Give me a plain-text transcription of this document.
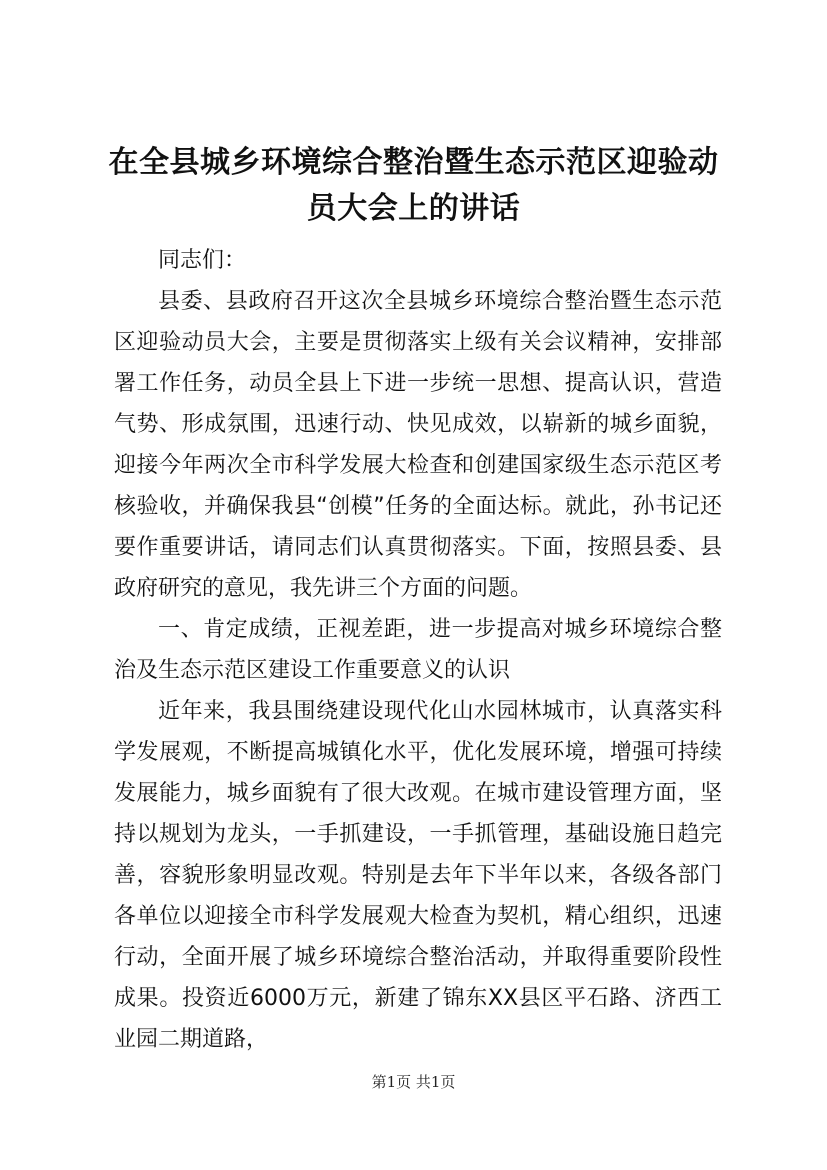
在全县城乡环境综合整治暨生态示范区迎验动员大会上的讲话

同志们：

县委、县政府召开这次全县城乡环境综合整治暨生态示范区迎验动员大会，主要是贯彻落实上级有关会议精神，安排部署工作任务，动员全县上下进一步统一思想、提高认识，营造气势、形成氛围，迅速行动、快见成效，以崭新的城乡面貌，迎接今年两次全市科学发展大检查和创建国家级生态示范区考核验收，并确保我县“创模”任务的全面达标。就此，孙书记还要作重要讲话，请同志们认真贯彻落实。下面，按照县委、县政府研究的意见，我先讲三个方面的问题。

一、肯定成绩，正视差距，进一步提高对城乡环境综合整治及生态示范区建设工作重要意义的认识

近年来，我县围绕建设现代化山水园林城市，认真落实科学发展观，不断提高城镇化水平，优化发展环境，增强可持续发展能力，城乡面貌有了很大改观。在城市建设管理方面，坚持以规划为龙头，一手抓建设，一手抓管理，基础设施日趋完善，容貌形象明显改观。特别是去年下半年以来，各级各部门各单位以迎接全市科学发展观大检查为契机，精心组织，迅速行动，全面开展了城乡环境综合整治活动，并取得重要阶段性成果。投资近6000万元，新建了锦东XX县区平石路、济西工业园二期道路，

第1页 共1页
